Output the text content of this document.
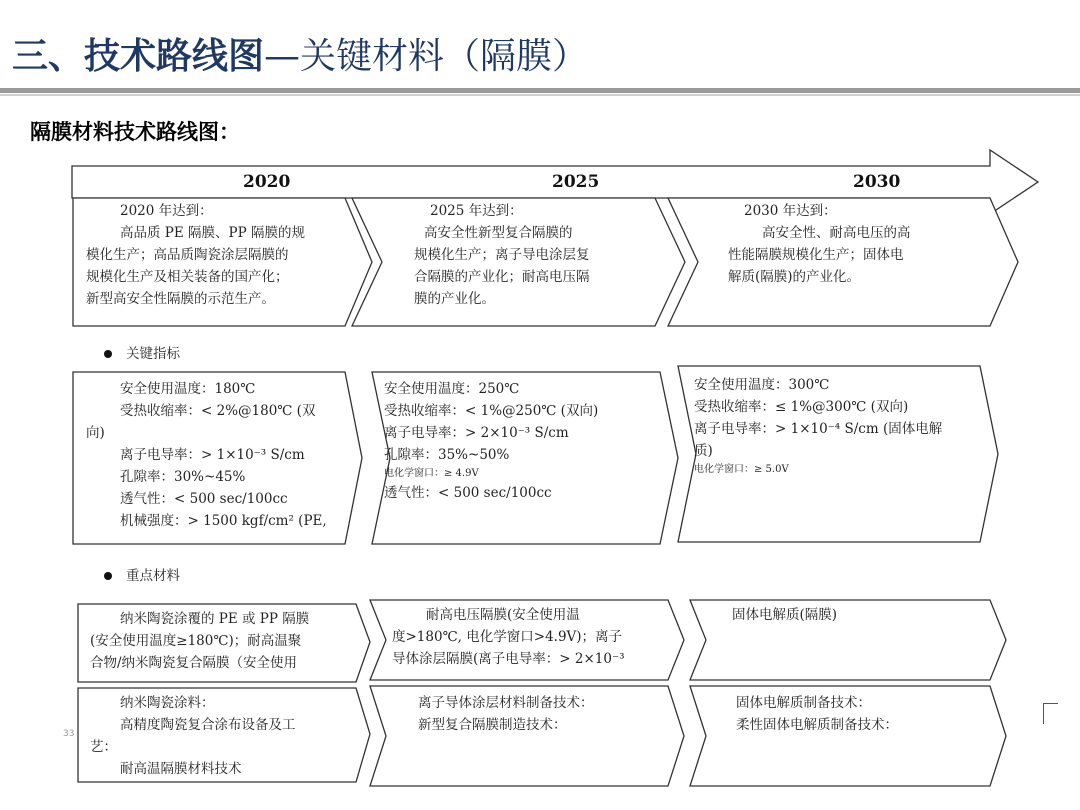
三、技术路线图—关键材料（隔膜）
隔膜材料技术路线图：
2020	2025	2030
2020 年达到：
高品质 PE 隔膜、PP 隔膜的规
模化生产；高品质陶瓷涂层隔膜的
规模化生产及相关装备的国产化；
新型高安全性隔膜的示范生产。
2025 年达到：
高安全性新型复合隔膜的
规模化生产；离子导电涂层复
合隔膜的产业化；耐高电压隔
膜的产业化。
2030 年达到：
高安全性、耐高电压的高
性能隔膜规模化生产；固体电
解质(隔膜)的产业化。
关键指标
重点材料
安全使用温度：180℃
受热收缩率：< 2%@180℃ (双
向)
离子电导率：> 1×10⁻³ S/cm
孔隙率：30%~45%
透气性：< 500 sec/100cc
机械强度：> 1500 kgf/cm² (PE,
安全使用温度：250℃
受热收缩率：< 1%@250℃ (双向)
离子电导率：> 2×10⁻³ S/cm
孔隙率：35%~50%
电化学窗口：≥ 4.9V
透气性：< 500 sec/100cc
安全使用温度：300℃
受热收缩率：≤ 1%@300℃ (双向)
离子电导率：> 1×10⁻⁴ S/cm (固体电解
质)
电化学窗口：≥ 5.0V
纳米陶瓷涂覆的 PE 或 PP 隔膜
(安全使用温度≥180℃)；耐高温聚
合物/纳米陶瓷复合隔膜（安全使用
耐高电压隔膜(安全使用温
度>180℃, 电化学窗口>4.9V)；离子
导体涂层隔膜(离子电导率：> 2×10⁻³
固体电解质(隔膜)
纳米陶瓷涂料：
高精度陶瓷复合涂布设备及工
艺：
耐高温隔膜材料技术
离子导体涂层材料制备技术：
新型复合隔膜制造技术：
固体电解质制备技术：
柔性固体电解质制备技术：
33
